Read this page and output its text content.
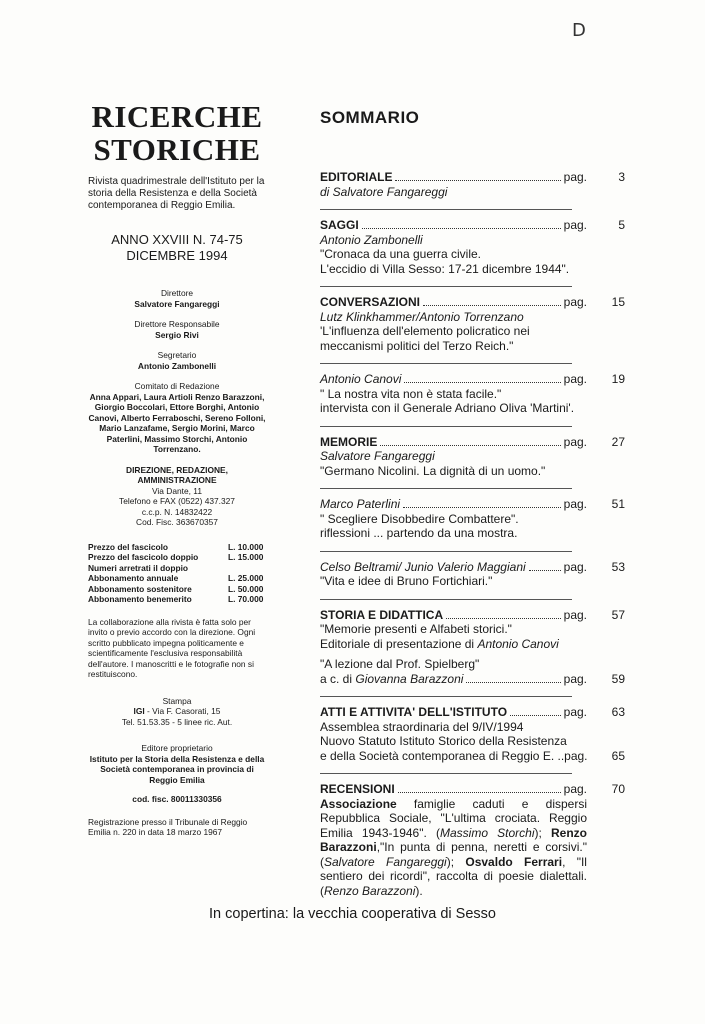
D
RICERCHE
STORICHE
Rivista quadrimestrale dell'Istituto per la storia della Resistenza e della Società contemporanea di Reggio Emilia.
ANNO XXVIII N. 74-75
DICEMBRE 1994
Direttore
Salvatore Fangareggi
Direttore Responsabile
Sergio Rivi
Segretario
Antonio Zambonelli
Comitato di Redazione
Anna Appari, Laura Artioli Renzo Barazzoni, Giorgio Boccolari, Ettore Borghi, Antonio Canovi, Alberto Ferraboschi, Sereno Folloni, Mario Lanzafame, Sergio Morini, Marco Paterlini, Massimo Storchi, Antonio Torrenzano.
DIREZIONE, REDAZIONE, AMMINISTRAZIONE
Via Dante, 11
Telefono e FAX (0522) 437.327
c.c.p. N. 14832422
Cod. Fisc. 363670357
Prezzo del fascicolo	L. 10.000
Prezzo del fascicolo doppio	L. 15.000
Numeri arretrati il doppio
Abbonamento annuale	L. 25.000
Abbonamento sostenitore	L. 50.000
Abbonamento benemerito	L. 70.000
La collaborazione alla rivista è fatta solo per invito o previo accordo con la direzione. Ogni scritto pubblicato impegna politicamente e scientificamente l'esclusiva responsabilità dell'autore. I manoscritti e le fotografie non si restituiscono.
Stampa
IGI - Via F. Casorati, 15
Tel. 51.53.35 - 5 linee ric. Aut.
Editore proprietario
Istituto per la Storia della Resistenza e della Società contemporanea in provincia di Reggio Emilia
cod. fisc. 80011330356
Registrazione presso il Tribunale di Reggio Emilia n. 220 in data 18 marzo 1967
SOMMARIO
EDITORIALE	pag.	3
di Salvatore Fangareggi
SAGGI	pag.	5
Antonio Zambonelli
"Cronaca da una guerra civile.
L'eccidio di Villa Sesso: 17-21 dicembre 1944".
CONVERSAZIONI	pag.	15
Lutz Klinkhammer/Antonio Torrenzano
'L'influenza dell'elemento policratico nei
meccanismi politici del Terzo Reich."
Antonio Canovi	pag.	19
" La nostra vita non è stata facile."
intervista con il Generale Adriano Oliva 'Martini'.
MEMORIE	pag.	27
Salvatore Fangareggi
"Germano Nicolini. La dignità di un uomo."
Marco Paterlini	pag.	51
" Scegliere Disobbedire Combattere".
riflessioni ... partendo da una mostra.
Celso Beltrami/ Junio Valerio Maggiani	pag.	53
"Vita e idee di Bruno Fortichiari."
STORIA E DIDATTICA	pag.	57
"Memorie presenti e Alfabeti storici."
Editoriale di presentazione di Antonio Canovi
"A lezione dal Prof. Spielberg"
a c. di Giovanna Barazzoni	pag.	59
ATTI E ATTIVITA' DELL'ISTITUTO	pag.	63
Assemblea straordinaria del 9/IV/1994
Nuovo Statuto Istituto Storico della Resistenza
e della Società contemporanea di Reggio E. .. pag.	65
RECENSIONI	pag.	70
Associazione famiglie caduti e dispersi Repubblica Sociale, "L'ultima crociata. Reggio Emilia 1943-1946". (Massimo Storchi); Renzo Barazzoni,"In punta di penna, neretti e corsivi." (Salvatore Fangareggi); Osvaldo Ferrari, "Il sentiero dei ricordi", raccolta di poesie dialettali. (Renzo Barazzoni).
In copertina: la vecchia cooperativa di Sesso
